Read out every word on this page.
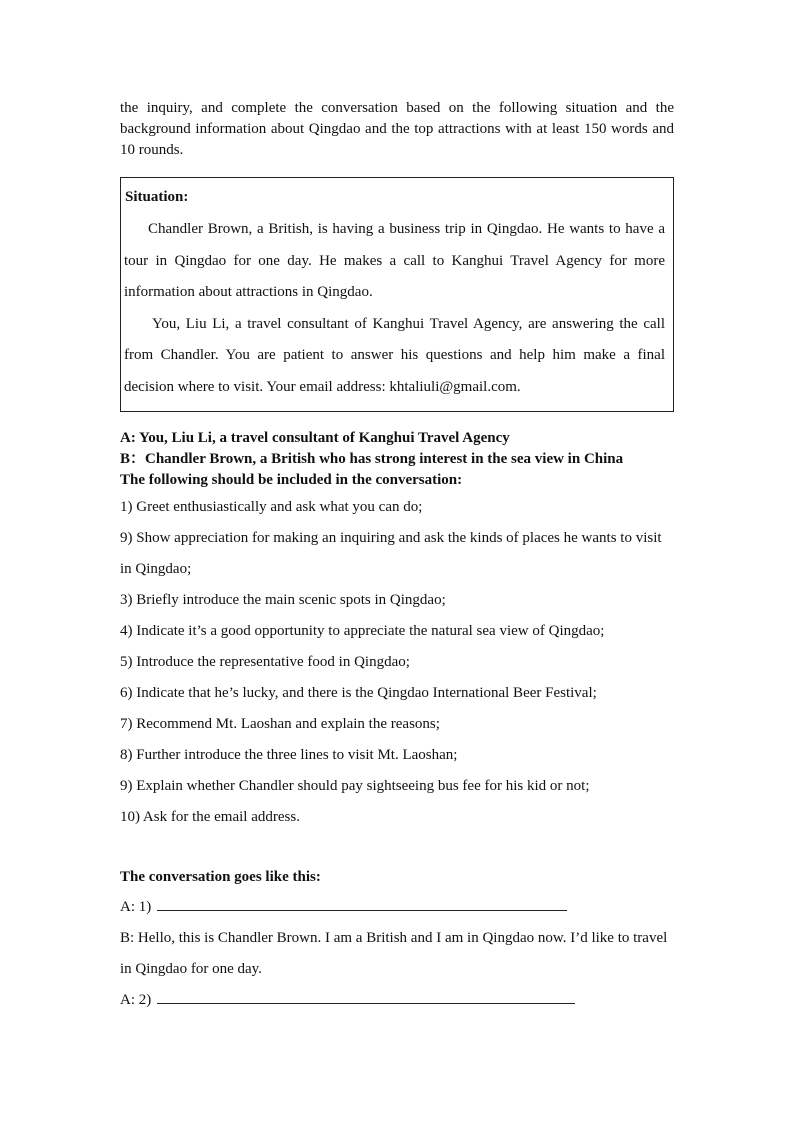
the inquiry, and complete the conversation based on the following situation and the background information about Qingdao and the top attractions with at least 150 words and 10 rounds.

Situation:

Chandler Brown, a British, is having a business trip in Qingdao. He wants to have a tour in Qingdao for one day. He makes a call to Kanghui Travel Agency for more information about attractions in Qingdao.

You, Liu Li, a travel consultant of Kanghui Travel Agency, are answering the call from Chandler. You are patient to answer his questions and help him make a final decision where to visit. Your email address: khtaliuli@gmail.com.

A: You, Liu Li, a travel consultant of Kanghui Travel Agency
B：Chandler Brown, a British who has strong interest in the sea view in China
The following should be included in the conversation:
1) Greet enthusiastically and ask what you can do;
9) Show appreciation for making an inquiring and ask the kinds of places he wants to visit in Qingdao;
3) Briefly introduce the main scenic spots in Qingdao;
4) Indicate it’s a good opportunity to appreciate the natural sea view of Qingdao;
5) Introduce the representative food in Qingdao;
6) Indicate that he’s lucky, and there is the Qingdao International Beer Festival;
7) Recommend Mt. Laoshan and explain the reasons;
8) Further introduce the three lines to visit Mt. Laoshan;
9) Explain whether Chandler should pay sightseeing bus fee for his kid or not;
10) Ask for the email address.
The conversation goes like this:
A: 1)
B: Hello, this is Chandler Brown. I am a British and I am in Qingdao now. I’d like to travel in Qingdao for one day.
A: 2)
